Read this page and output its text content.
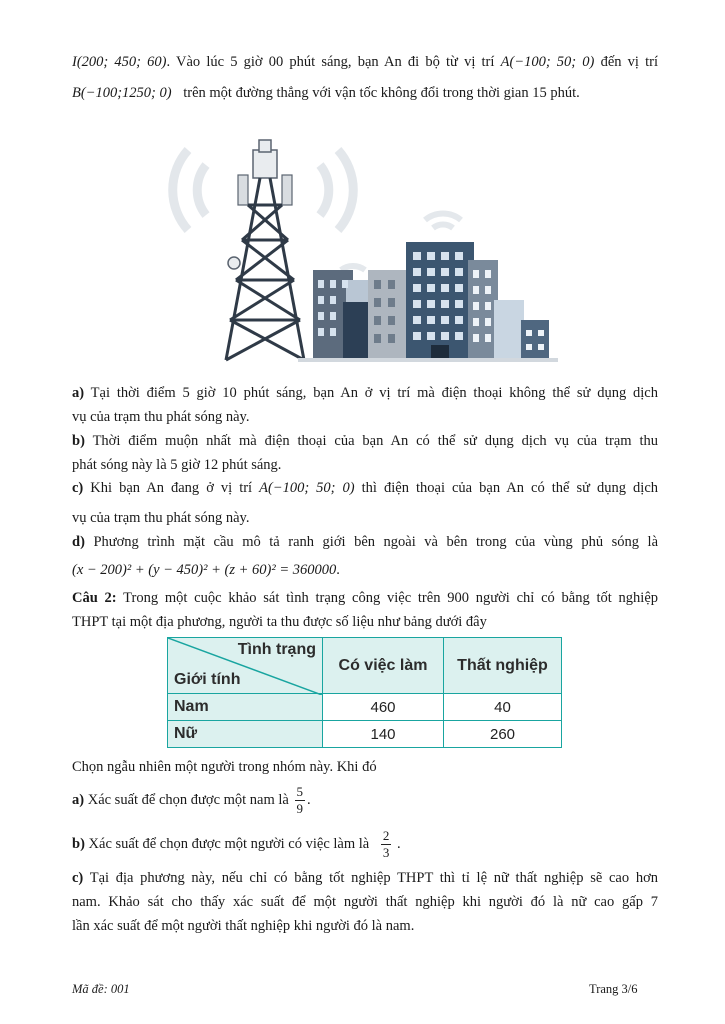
I(200; 450; 60). Vào lúc 5 giờ 00 phút sáng, bạn An đi bộ từ vị trí A(−100; 50; 0) đến vị trí
B(−100;1250; 0) trên một đường thẳng với vận tốc không đổi trong thời gian 15 phút.
a) Tại thời điểm 5 giờ 10 phút sáng, bạn An ở vị trí mà điện thoại không thể sử dụng dịch
vụ của trạm thu phát sóng này.
b) Thời điểm muộn nhất mà điện thoại của bạn An có thể sử dụng dịch vụ của trạm thu
phát sóng này là 5 giờ 12 phút sáng.
c) Khi bạn An đang ở vị trí A(−100; 50; 0) thì điện thoại của bạn An có thể sử dụng dịch
vụ của trạm thu phát sóng này.
d) Phương trình mặt cầu mô tả ranh giới bên ngoài và bên trong của vùng phủ sóng là
(x − 200)² + (y − 450)² + (z + 60)² = 360000.
Câu 2: Trong một cuộc khảo sát tình trạng công việc trên 900 người chỉ có bằng tốt nghiệp
THPT tại một địa phương, người ta thu được số liệu như bảng dưới đây
Tình trạng
Giới tính	Có việc làm	Thất nghiệp
Nam	460	40
Nữ	140	260
Chọn ngẫu nhiên một người trong nhóm này. Khi đó
a) Xác suất để chọn được một nam là $\frac{5}{9}$ .
b) Xác suất để chọn được một người có việc làm là $\frac{2}{3}$ .
c) Tại địa phương này, nếu chỉ có bằng tốt nghiệp THPT thì tỉ lệ nữ thất nghiệp sẽ cao hơn
nam. Khảo sát cho thấy xác suất để một người thất nghiệp khi người đó là nữ cao gấp 7
lần xác suất để một người thất nghiệp khi người đó là nam.
Mã đề: 001	Trang 3/6
